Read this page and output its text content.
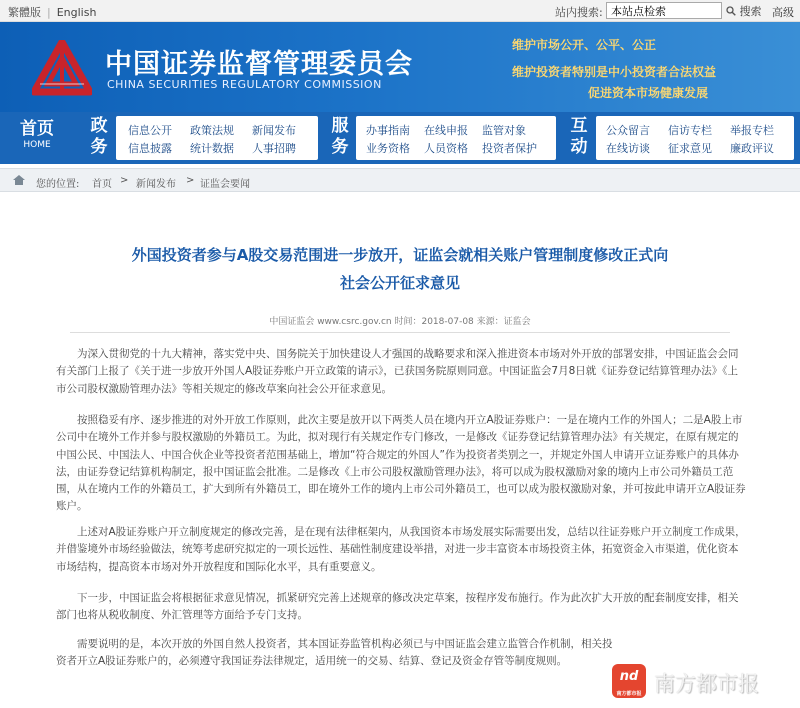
繁體版 | English	站内搜索:
本站点检索	搜索 高级
中国证券监督管理委员会
CHINA SECURITIES REGULATORY COMMISSION
维护市场公开、公平、公正
维护投资者特别是中小投资者合法权益
促进资本市场健康发展
首页
HOME
政
务
信息公开 政策法规 新闻发布
信息披露 统计数据 人事招聘
服
务
办事指南 在线申报 监管对象
业务资格 人员资格 投资者保护
互
动
公众留言 信访专栏 举报专栏
在线访谈 征求意见 廉政评议
您的位置: 首页 > 新闻发布 > 证监会要闻
外国投资者参与A股交易范围进一步放开，证监会就相关账户管理制度修改正式向
社会公开征求意见
中国证监会 www.csrc.gov.cn 时间：2018-07-08 来源：证监会

为深入贯彻党的十九大精神，落实党中央、国务院关于加快建设人才强国的战略要求和深入推进资本市场对外开放的部署安排，中国证监会会同有关部门上报了《关于进一步放开外国人A股证券账户开立政策的请示》，已获国务院原则同意。中国证监会7月8日就《证券登记结算管理办法》《上市公司股权激励管理办法》等相关规定的修改草案向社会公开征求意见。

按照稳妥有序、逐步推进的对外开放工作原则，此次主要是放开以下两类人员在境内开立A股证券账户：一是在境内工作的外国人；二是A股上市公司中在境外工作并参与股权激励的外籍员工。为此，拟对现行有关规定作专门修改，一是修改《证券登记结算管理办法》有关规定，在原有规定的中国公民、中国法人、中国合伙企业等投资者范围基础上，增加“符合规定的外国人”作为投资者类别之一，并规定外国人申请开立证券账户的具体办法，由证券登记结算机构制定，报中国证监会批准。二是修改《上市公司股权激励管理办法》，将可以成为股权激励对象的境内上市公司外籍员工范围，从在境内工作的外籍员工，扩大到所有外籍员工，即在境外工作的境内上市公司外籍员工，也可以成为股权激励对象，并可按此申请开立A股证券账户。

上述对A股证券账户开立制度规定的修改完善，是在现有法律框架内，从我国资本市场发展实际需要出发，总结以往证券账户开立制度工作成果，并借鉴境外市场经验做法，统筹考虑研究拟定的一项长远性、基础性制度建设举措，对进一步丰富资本市场投资主体，拓宽资金入市渠道，优化资本市场结构，提高资本市场对外开放程度和国际化水平，具有重要意义。

下一步，中国证监会将根据征求意见情况，抓紧研究完善上述规章的修改决定草案，按程序发布施行。作为此次扩大开放的配套制度安排，相关部门也将从税收制度、外汇管理等方面给予专门支持。

需要说明的是，本次开放的外国自然人投资者，其本国证券监管机构必须已与中国证监会建立监管合作机制，相关投资者开立A股证券账户的，必须遵守我国证券法律规定，适用统一的交易、结算、登记及资金存管等制度规则。

nd
南方都市报 南方都市报
